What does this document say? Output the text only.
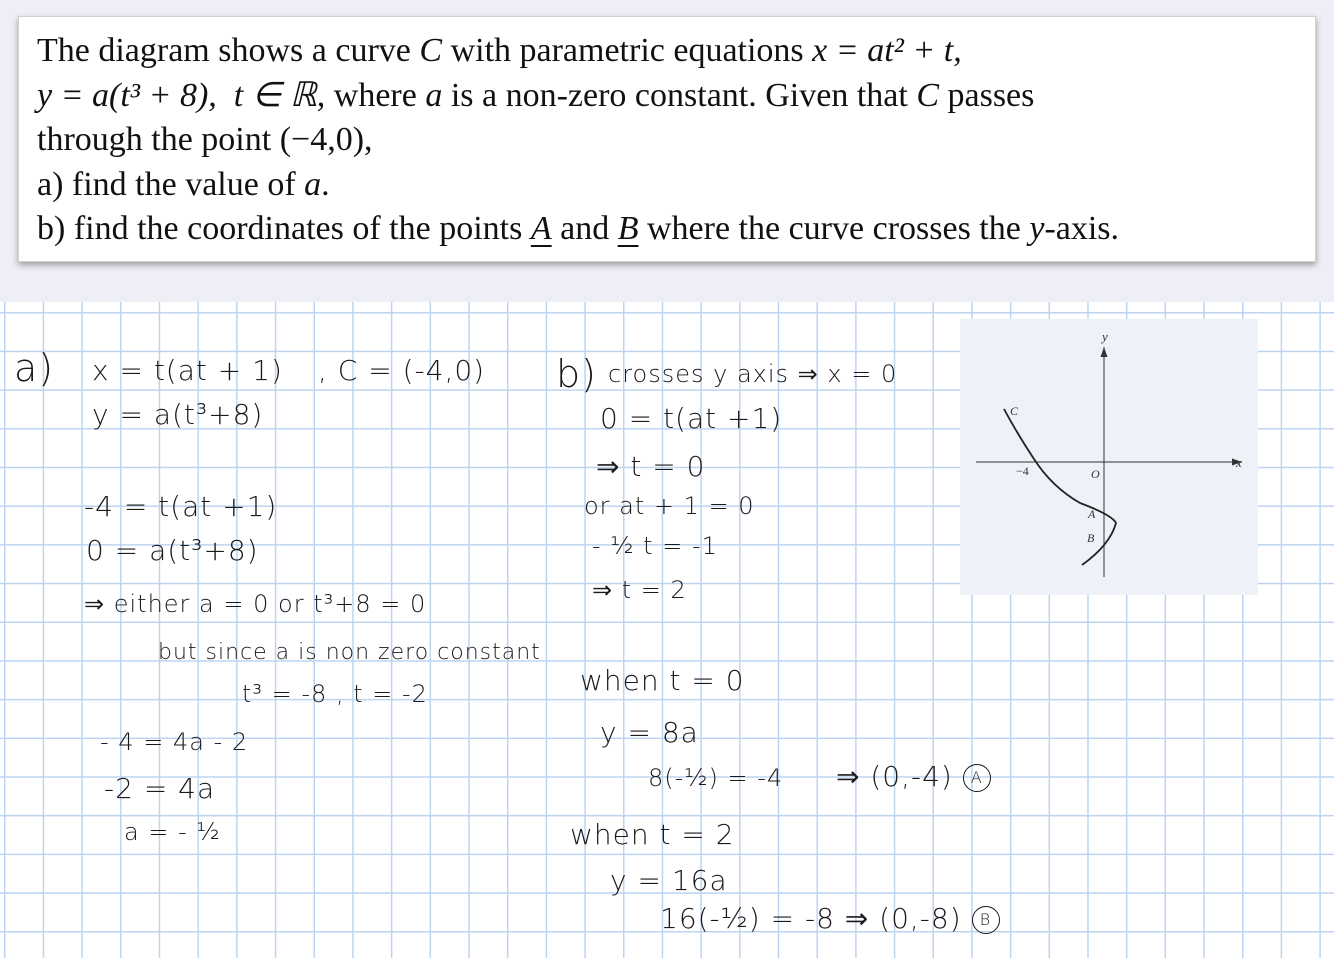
The diagram shows a curve C with parametric equations x = at² + t,
y = a(t³ + 8), t ∈ ℝ, where a is a non-zero constant. Given that C passes
through the point (−4,0),
a) find the value of a.
b) find the coordinates of the points A and B where the curve crosses the y-axis.
a) x = t(at + 1) , C = (-4,0)
y = a(t³+8)
-4 = t(at +1)
0 = a(t³+8)
⇒ either a = 0 or t³+8 = 0
but since a is non zero constant
t³ = -8 , t = -2
- 4 = 4a - 2
-2 = 4a
a = - ½
b) crosses y axis ⇒ x = 0
0 = t(at +1)
⇒ t = 0
or at + 1 = 0
- ½ t = -1
⇒ t = 2
when t = 0
y = 8a
8(-½) = -4 ⇒ (0,-4) A
when t = 2
y = 16a
16(-½) = -8 ⇒ (0,-8) B
y
x
C
−4	O
A
B
